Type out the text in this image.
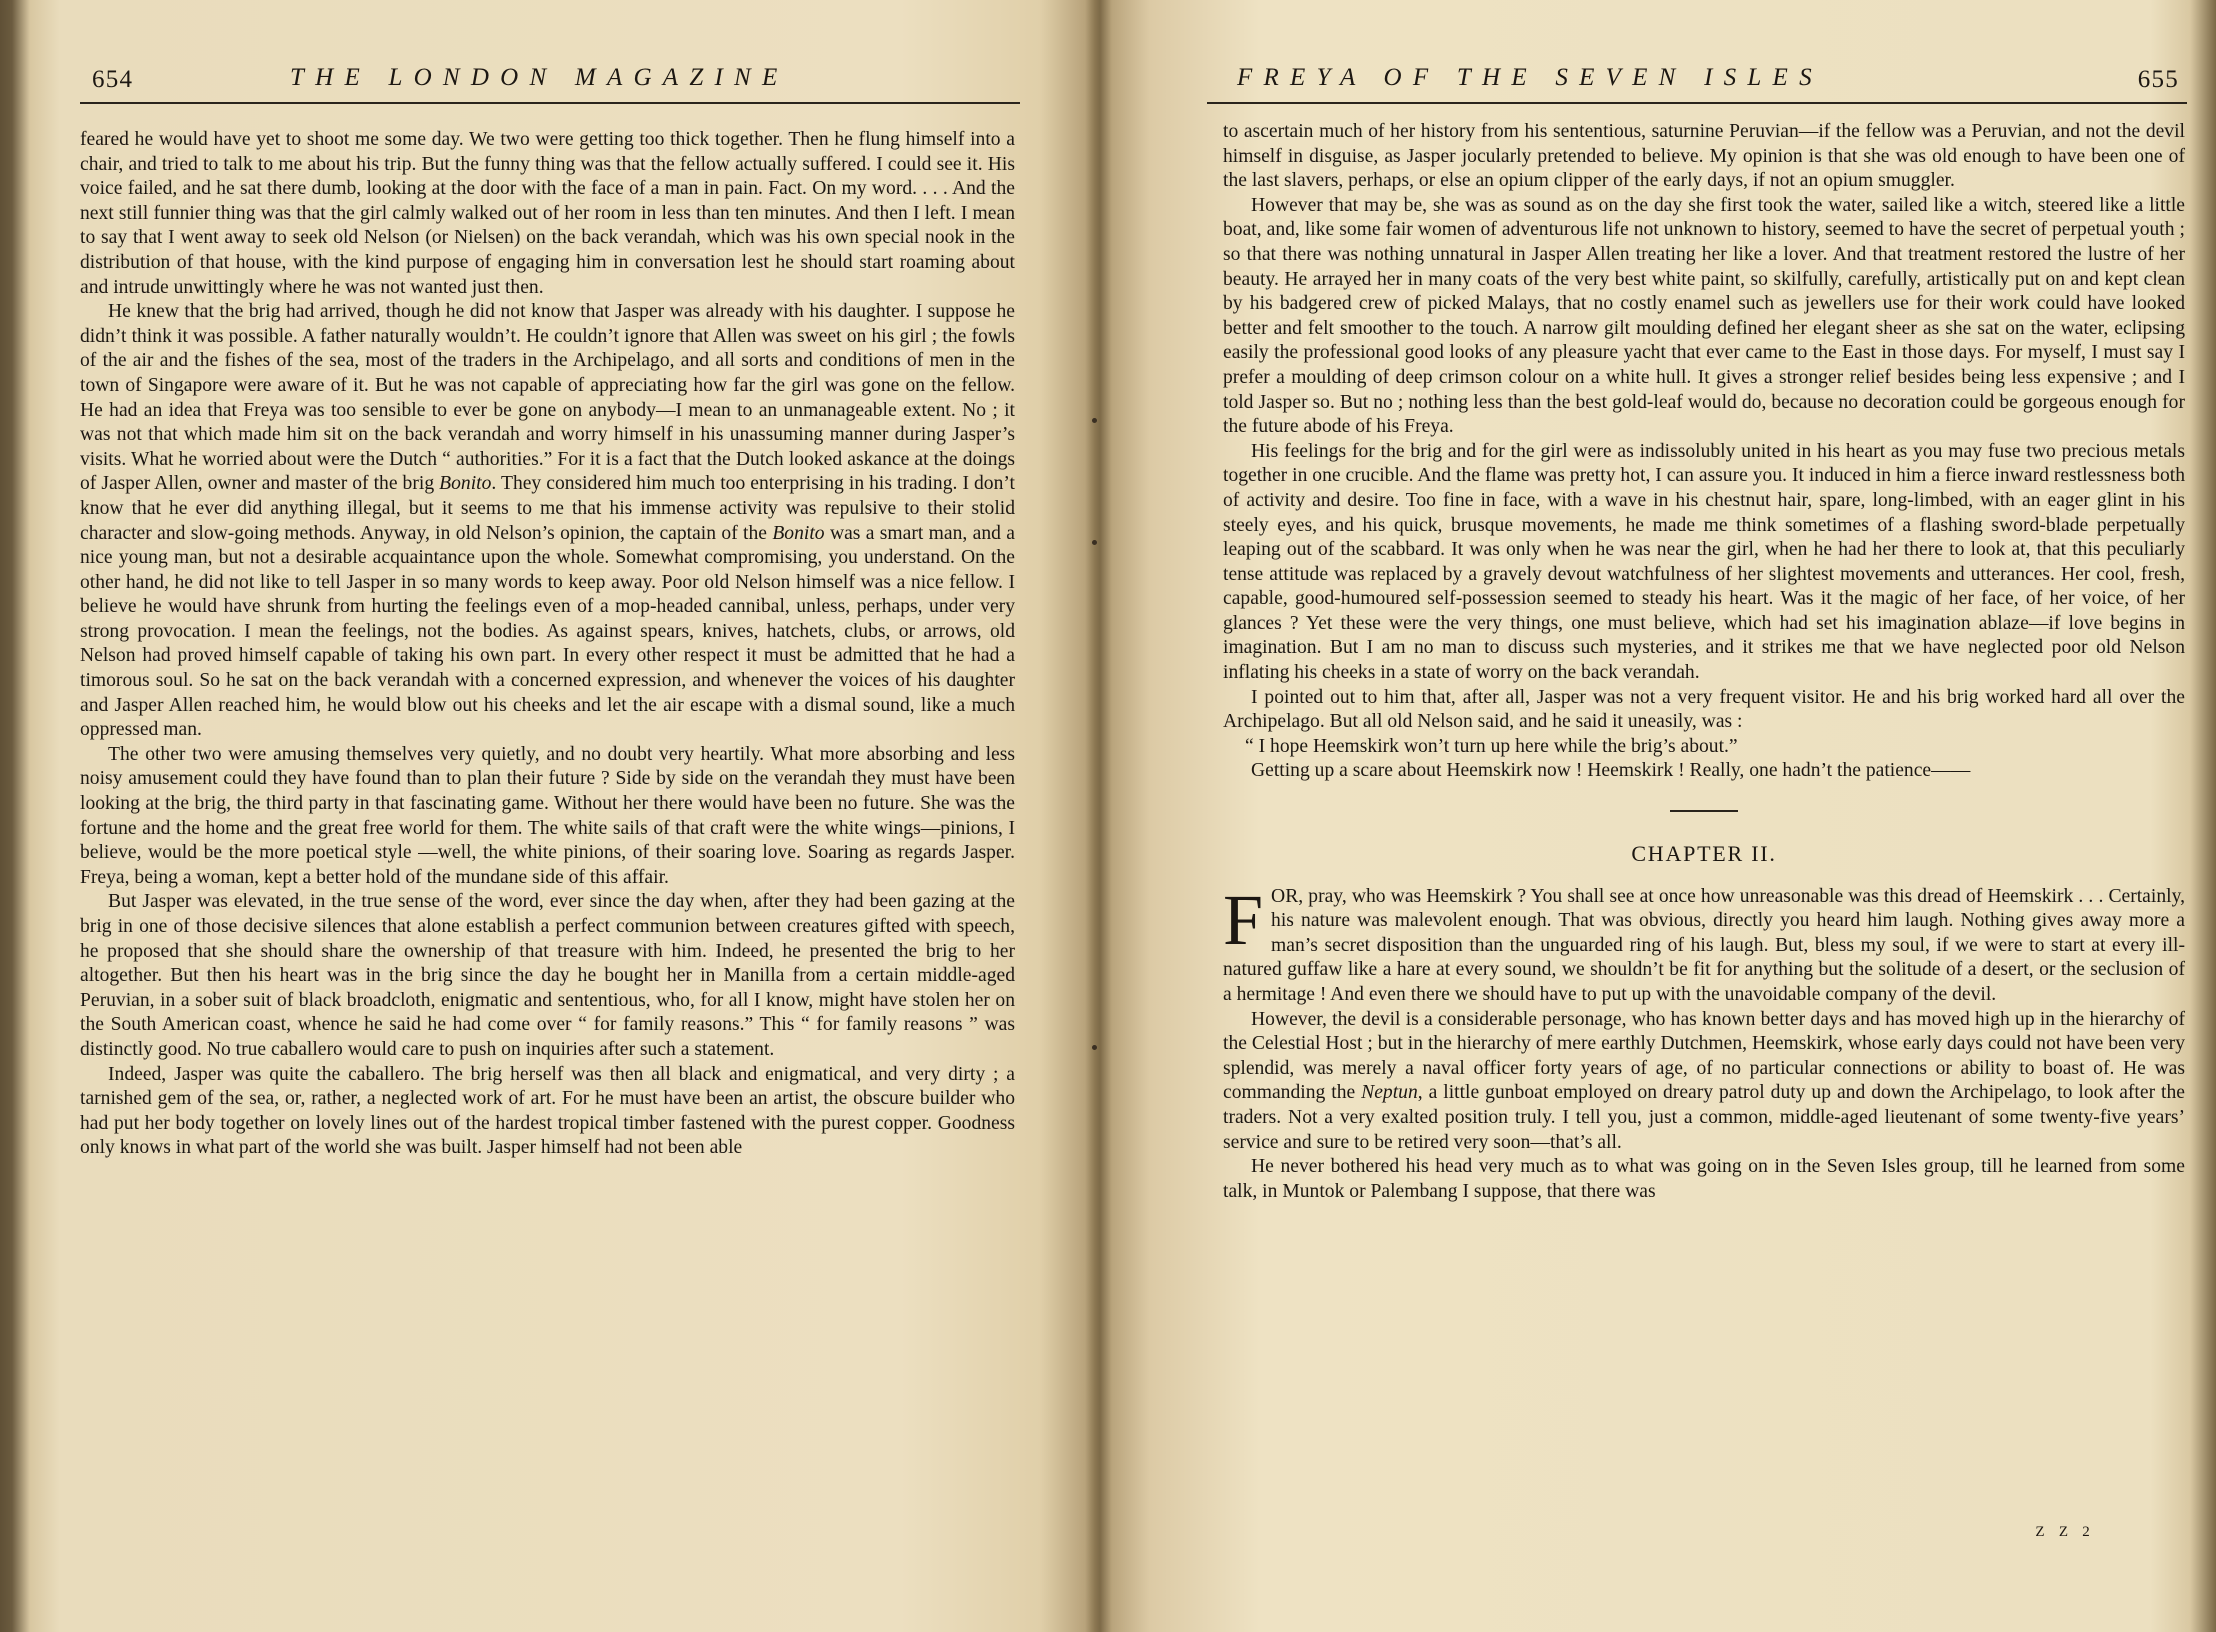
654	THE LONDON MAGAZINE

feared he would have yet to shoot me some day. We two were getting too thick together. Then he flung himself into a chair, and tried to talk to me about his trip. But the funny thing was that the fellow actually suffered. I could see it. His voice failed, and he sat there dumb, looking at the door with the face of a man in pain. Fact. On my word. . . . And the next still funnier thing was that the girl calmly walked out of her room in less than ten minutes. And then I left. I mean to say that I went away to seek old Nelson (or Nielsen) on the back verandah, which was his own special nook in the distribution of that house, with the kind purpose of engaging him in conversation lest he should start roaming about and intrude unwittingly where he was not wanted just then.

He knew that the brig had arrived, though he did not know that Jasper was already with his daughter. I suppose he didn’t think it was possible. A father naturally wouldn’t. He couldn’t ignore that Allen was sweet on his girl ; the fowls of the air and the fishes of the sea, most of the traders in the Archipelago, and all sorts and conditions of men in the town of Singapore were aware of it. But he was not capable of appreciating how far the girl was gone on the fellow. He had an idea that Freya was too sensible to ever be gone on anybody—I mean to an unmanageable extent. No ; it was not that which made him sit on the back verandah and worry himself in his unassuming manner during Jasper’s visits. What he worried about were the Dutch “ authorities.” For it is a fact that the Dutch looked askance at the doings of Jasper Allen, owner and master of the brig Bonito. They considered him much too enterprising in his trading. I don’t know that he ever did anything illegal, but it seems to me that his immense activity was repulsive to their stolid character and slow-going methods. Anyway, in old Nelson’s opinion, the captain of the Bonito was a smart man, and a nice young man, but not a desirable acquaintance upon the whole. Somewhat compromising, you understand. On the other hand, he did not like to tell Jasper in so many words to keep away. Poor old Nelson himself was a nice fellow. I believe he would have shrunk from hurting the feelings even of a mop-headed cannibal, unless, perhaps, under very strong provocation. I mean the feelings, not the bodies. As against spears, knives, hatchets, clubs, or arrows, old Nelson had proved himself capable of taking his own part. In every other respect it must be admitted that he had a timorous soul. So he sat on the back verandah with a concerned expression, and whenever the voices of his daughter and Jasper Allen reached him, he would blow out his cheeks and let the air escape with a dismal sound, like a much oppressed man.

The other two were amusing themselves very quietly, and no doubt very heartily. What more absorbing and less noisy amusement could they have found than to plan their future ? Side by side on the verandah they must have been looking at the brig, the third party in that fascinating game. Without her there would have been no future. She was the fortune and the home and the great free world for them. The white sails of that craft were the white wings—pinions, I believe, would be the more poetical style —well, the white pinions, of their soaring love. Soaring as regards Jasper. Freya, being a woman, kept a better hold of the mundane side of this affair.

But Jasper was elevated, in the true sense of the word, ever since the day when, after they had been gazing at the brig in one of those decisive silences that alone establish a perfect communion between creatures gifted with speech, he proposed that she should share the ownership of that treasure with him. Indeed, he presented the brig to her altogether. But then his heart was in the brig since the day he bought her in Manilla from a certain middle-aged Peruvian, in a sober suit of black broadcloth, enigmatic and sententious, who, for all I know, might have stolen her on the South American coast, whence he said he had come over “ for family reasons.” This “ for family reasons ” was distinctly good. No true caballero would care to push on inquiries after such a statement.

Indeed, Jasper was quite the caballero. The brig herself was then all black and enigmatical, and very dirty ; a tarnished gem of the sea, or, rather, a neglected work of art. For he must have been an artist, the obscure builder who had put her body together on lovely lines out of the hardest tropical timber fastened with the purest copper. Goodness only knows in what part of the world she was built. Jasper himself had not been able

FREYA OF THE SEVEN ISLES	655

to ascertain much of her history from his sententious, saturnine Peruvian—if the fellow was a Peruvian, and not the devil himself in disguise, as Jasper jocularly pretended to believe. My opinion is that she was old enough to have been one of the last slavers, perhaps, or else an opium clipper of the early days, if not an opium smuggler.

However that may be, she was as sound as on the day she first took the water, sailed like a witch, steered like a little boat, and, like some fair women of adventurous life not unknown to history, seemed to have the secret of perpetual youth ; so that there was nothing unnatural in Jasper Allen treating her like a lover. And that treatment restored the lustre of her beauty. He arrayed her in many coats of the very best white paint, so skilfully, carefully, artistically put on and kept clean by his badgered crew of picked Malays, that no costly enamel such as jewellers use for their work could have looked better and felt smoother to the touch. A narrow gilt moulding defined her elegant sheer as she sat on the water, eclipsing easily the professional good looks of any pleasure yacht that ever came to the East in those days. For myself, I must say I prefer a moulding of deep crimson colour on a white hull. It gives a stronger relief besides being less expensive ; and I told Jasper so. But no ; nothing less than the best gold-leaf would do, because no decoration could be gorgeous enough for the future abode of his Freya.

His feelings for the brig and for the girl were as indissolubly united in his heart as you may fuse two precious metals together in one crucible. And the flame was pretty hot, I can assure you. It induced in him a fierce inward restlessness both of activity and desire. Too fine in face, with a wave in his chestnut hair, spare, long-limbed, with an eager glint in his steely eyes, and his quick, brusque movements, he made me think sometimes of a flashing sword-blade perpetually leaping out of the scabbard. It was only when he was near the girl, when he had her there to look at, that this peculiarly tense attitude was replaced by a gravely devout watchfulness of her slightest movements and utterances. Her cool, fresh, capable, good-humoured self-possession seemed to steady his heart. Was it the magic of her face, of her voice, of her glances ? Yet these were the very things, one must believe, which had set his imagination ablaze—if love begins in imagination. But I am no man to discuss such mysteries, and it strikes me that we have neglected poor old Nelson inflating his cheeks in a state of worry on the back verandah.

I pointed out to him that, after all, Jasper was not a very frequent visitor. He and his brig worked hard all over the Archipelago. But all old Nelson said, and he said it uneasily, was :

“ I hope Heemskirk won’t turn up here while the brig’s about.”

Getting up a scare about Heemskirk now ! Heemskirk ! Really, one hadn’t the patience——

CHAPTER II.

FOR, pray, who was Heemskirk ? You shall see at once how unreasonable was this dread of Heemskirk . . . Certainly, his nature was malevolent enough. That was obvious, directly you heard him laugh. Nothing gives away more a man’s secret disposition than the unguarded ring of his laugh. But, bless my soul, if we were to start at every ill-natured guffaw like a hare at every sound, we shouldn’t be fit for anything but the solitude of a desert, or the seclusion of a hermitage ! And even there we should have to put up with the unavoidable company of the devil.

However, the devil is a considerable personage, who has known better days and has moved high up in the hierarchy of the Celestial Host ; but in the hierarchy of mere earthly Dutchmen, Heemskirk, whose early days could not have been very splendid, was merely a naval officer forty years of age, of no particular connections or ability to boast of. He was commanding the Neptun, a little gunboat employed on dreary patrol duty up and down the Archipelago, to look after the traders. Not a very exalted position truly. I tell you, just a common, middle-aged lieutenant of some twenty-five years’ service and sure to be retired very soon—that’s all.

He never bothered his head very much as to what was going on in the Seven Isles group, till he learned from some talk, in Muntok or Palembang I suppose, that there was

Z Z 2
